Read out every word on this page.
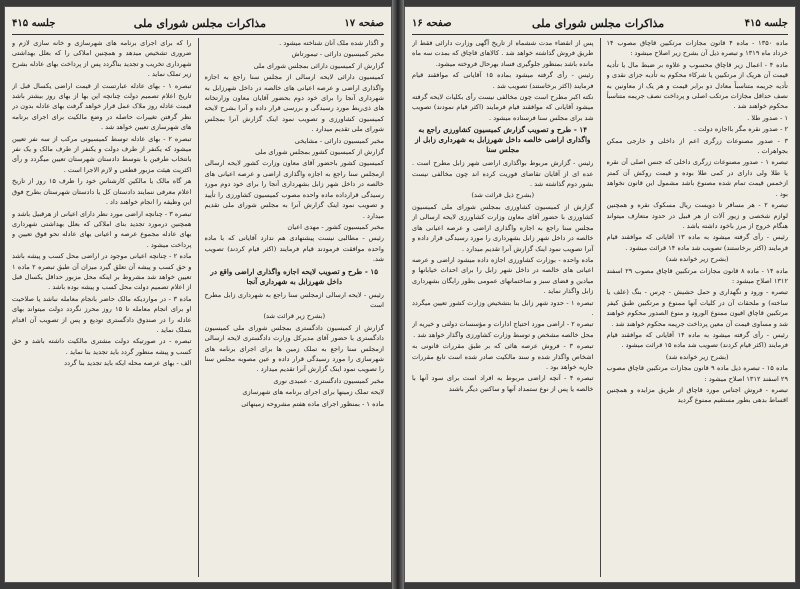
جلسه ۴۱۵	مذاکرات مجلس شورای ملی	صفحه ۱۷

و اگذار شده ملک آنان شناخته میشود .

مخبر کمیسیون دارائی - تیمورتاش

گزارش از کمیسیون دارائی بمجلس شورای ملی

کمیسیون دارائی لایحه ارسالی از مجلس سنا راجع به اجازه واگذاری اراضی و عرصه اعیانی های خالصه در داخل شهرزابل به شهرداری آنجا را برای خود دوم بحضور آقایان معاون وزارتخانه های ذی‌ربط مورد رسیدگی و بررسی قرار داده و آنرا بشرح لایحه کمیسیون کشاورزی و تصویب نمود اینک گزارش آنرا بمجلس شورای ملی تقدیم میدارد .

مخبر کمیسیون دارائی - مشایخی

گزارش از کمیسیون کشور بمجلس شورای ملی

کمیسیون کشور باحضور آقای معاون وزارت کشور لایحه ارسالی ازمجلس سنا راجع به اجازه واگذاری اراضی و عرصه اعیانی های خالصه در داخل شهر زابل بشهرداری آنجا را برای خود دوم مورد رسیدگی قرارداده ماده واحده مصوب کمیسیون کشاورزی را تأیید و تصویب نمود اینک گزارش آنرا به مجلس شورای ملی تقدیم میدارد .

مخبر کمیسیون کشور - مهدی اعیان

رئیس - مطالبی نیست پیشنهادی هم ندارد آقایانی که با ماده واحده موافقت فرمودند قیام فرمایند (اکثر قیام کردند) تصویب شد.

۱۵ - طرح و تصویب لایحه اجازه واگذاری اراضی واقع در داخل شهرزابل به شهرداری آنجا

رئیس - لایحه ارسالی ازمجلس سنا راجع به شهرداری زابل مطرح است

(بشرح زیر قرائت شد)

گزارش از کمیسیون دادگستری بمجلس شورای ملی کمیسیون دادگستری با حضور آقای مدیرکل وزارت دادگستری لایحه ارسالی ازمجلس سنا راجع به تملک زمین ها برای اجرای برنامه های شهرسازی را مورد رسیدگی قرار داده و عین مصوبه مجلس سنا را تصویب نمود اینک گزارش آنرا تقدیم میدارد .

مخبر کمیسیون دادگستری - عمیدی نوری

لایحه تملک زمینها برای اجرای برنامه های شهرسازی

ماده ۱ - بمنظور اجرای ماده هفتم مشروحه زمینهائی

را که برای اجرای برنامه های شهرسازی و خانه سازی لازم و ضروری تشخیص میدهد و همچنین املاکی را که بعلل بهداشتی شهرداری تخریب و تجدید بناگردد پس از پرداخت بهای عادله بشرح زیر تملک نماید .

تبصره ۱ - بهای عادله عبارتست از قیمت اراضی یکسال قبل از تاریخ اعلام تصمیم دولت چنانچه این بها از بهای روز بیشتر باشد قیمت عادله روز ملاک عمل قرار خواهد گرفت بهای عادله بدون در نظر گرفتن تغییرات حاصله در وضع مالکیت برای اجرای برنامه های شهرسازی تعیین خواهد شد .

تبصره ۲ - بهای عادله توسط کمیسیونی مرکب از سه نفر تعیین میشود که یکنفر از طرف دولت و یکنفر از طرف مالک و یک نفر بانتخاب طرفین یا بتوسط دادستان شهرستان تعیین میگردد و رأی اکثریت هیئت مزبور قطعی و لازم الاجرا است .

هر گاه مالک یا مالکین کارشناس خود را ظرف ۱۵ روز از تاریخ اعلام معرفی ننمایند دادستان کل یا دادستان شهرستان بطرح فوق این وظیفه را انجام خواهند داد .

تبصره ۳ - چنانچه اراضی مورد نظر دارای اعیانی از هرقبیل باشد و همچنین درمورد تجدید بنای املاکی که بعلل بهداشتی شهرداری بهای عادله مجموع عرصه و اعیانی بهای عادله نحو فوق تعیین و پرداخت میشود .

ماده ۲ - چنانچه اعیانی موجود در اراضی محل کسب و پیشه باشد و حق کسب و پیشه آن تعلق گیرد میزان آن طبق تبصره ۲ ماده ۱ تعیین خواهد شد مشروط بر اینکه محل مزبور حداقل یکسال قبل از اعلام تصمیم دولت محل کسب و پیشه بوده باشد .

ماده ۳ - در مواردیکه مالک حاضر بانجام معامله نباشد یا صلاحیت او برای انجام معامله تا ۱۵ روز محرز نگردد دولت میتواند بهای عادله را در صندوق دادگستری تودیع و پس از تصویب آن اقدام بتملک نماید .

تبصره - در صورتیکه دولت مشتری مالکیت داشته باشد و حق کسب و پیشه منظور گردد باید تجدید بنا نماید .

الف - بهای عرصه محله ایکه باید تجدید بنا گردد

صفحه ۱۶	مذاکرات مجلس شورای ملی	جلسه ۴۱۵

ماده ۱۳۵۰ - ماده ۴ قانون مجازات مرتکبین قاچاق مصوب ۱۴ خرداد ماه ۱۳۱۹ و تبصره ذیل آن بشرح زیر اصلاح میشود :

ماده ۴ - اعمال زیر قاچاق محسوب و علاوه بر ضبط مال یا تأدیه قیمت آن هریک از مرتکبین یا شرکاء محکوم به تأدیه جزای نقدی و تأدیه جریمه متناسباً معادل دو برابر قیمت و هر یک از معاونین به نصف حداقل مجازات مرتکب اصلی و پرداخت نصف جریمه متناسباً محکوم خواهند شد .

۱ - صدور طلا .

۲ - صدور نقره مگر بااجازه دولت .

۳ - صدور مصنوعات زرگری اعم از داخلی و خارجی ممکن بجواهرات .

تبصره ۱ - صدور مصنوعات زرگری داخلی که جنس اصلی آن نقره یا طلا ولی دارای در کمی طلا بوده و قیمت روکش آن کمتر ازخمس قیمت تمام شده مصنوع باشد مشمول این قانون نخواهد بود .

تبصره ۲ - هر مسافر تا دویست ریال مسکوک نقره و همچنین لوازم شخصی و زیور آلات از هر قبیل در حدود متعارف میتواند هنگام خروج از مرز باخود داشته باشد .

رئیس - رأی گرفته میشود به ماده ۱۳ آقایانی که موافقند قیام فرمایند (اکثر برخاستند) تصویب شد ماده ۱۴ قرائت میشود .

(بشرح زیر خوانده شد)

ماده ۱۴ - ماده ۸ قانون مجازات مرتکبین قاچاق مصوب ۲۹ اسفند ۱۳۱۲ اصلاح میشود :

تبصره - ورود و نگهداری و حمل حشیش - چرس - بنگ (علف یا ساخته) و ملحقات آن در کلیات آنها ممنوع و مرتکبین طبق کیفر مرتکبین قاچاق افیون ممنوع الورود و منوع الصدور محکوم خواهند شد و مساوی قیمت آن معین پرداخت جریمه محکوم خواهند شد .

رئیس - رأی گرفته میشود به ماده ۱۴ آقایانی که موافقند قیام فرمایند (اکثر قیام کردند) تصویب شد ماده ۱۵ قرائت میشود .

(بشرح زیر خوانده شد)

ماده ۱۵ - تبصره ذیل ماده ۹ قانون مجازات مرتکبین قاچاق مصوب ۲۹ اسفند ۱۳۱۲ اصلاح میشود :

تبصره - فروش اجناس مورد قاچاق از طریق مزایده و همچنین اقساط بدهی بطور مستقیم ممنوع گردید

پس از انقضاء مدت ششماه از تاریخ آگهی وزارت دارائی فقط از طریق فروش گذاشته خواهد شد . کالاهای قاچاق که بمدت سه ماه مانده باشد بمنظور جلوگیری فساد بهرحال فروخته میشود.

رئیس - رأی گرفته میشود بماده ۱۵ آقایانی که موافقند قیام فرمایند (اکثر برخاستند) تصویب شد .

نکته اکبر مطرح است چون مخالفی نیست رأی بکلیات لایحه گرفته میشود آقایانی که موافقند قیام فرمایند (اکثر قیام نمودند) تصویب شد برای مجلس سنا فرستاده میشود .

۱۴ - طرح و تصویب گزارش کمیسیون کشاورزی راجع به واگذاری اراضی خالصه داخل شهرزابل به شهرداری زابل از مجلس سنا

رئیس - گزارش مربوط بواگذاری اراضی شهر زابل مطرح است . عده ای از آقایان تقاضای فوریت کرده اند چون مخالفی نیست بشور دوم گذاشته شد .

(بشرح ذیل قرائت شد)

گزارش از کمیسیون کشاورزی بمجلس شورای ملی کمیسیون کشاورزی با حضور آقای معاون وزارت کشاورزی لایحه ارسالی از مجلس سنا راجع به اجازه واگذاری اراضی و عرصه اعیانی های خالصه در داخل شهر زابل بشهرداری را مورد رسیدگی قرار داده و آنرا تصویب نمود اینک گزارش آنرا تقدیم میدارد .

ماده واحده - بوزارت کشاورزی اجازه داده میشود اراضی و عرصه اعیانی های خالصه در داخل شهر زابل را برای احداث خیابانها و میادین و فضای سبز و ساختمانهای عمومی بطور رایگان بشهرداری زابل واگذار نماید .

تبصره ۱ - حدود شهر زابل بنا بتشخیص وزارت کشور تعیین میگردد .

تبصره ۲ - اراضی مورد احتیاج ادارات و مؤسسات دولتی و خیریه از محل خالصه مشخص و توسط وزارت کشاورزی واگذار خواهد شد .

تبصره ۳ - فروش عرصه هائی که بر طبق مقررات قانونی به اشخاص واگذار شده و سند مالکیت صادر شده است تابع مقررات جاریه خواهد بود .

تبصره ۴ - آنچه اراضی مربوط به افراد است برای سود آنها با خالصه یا پس از نوع ستمداد آنها و ساکنین دیگر باشند
